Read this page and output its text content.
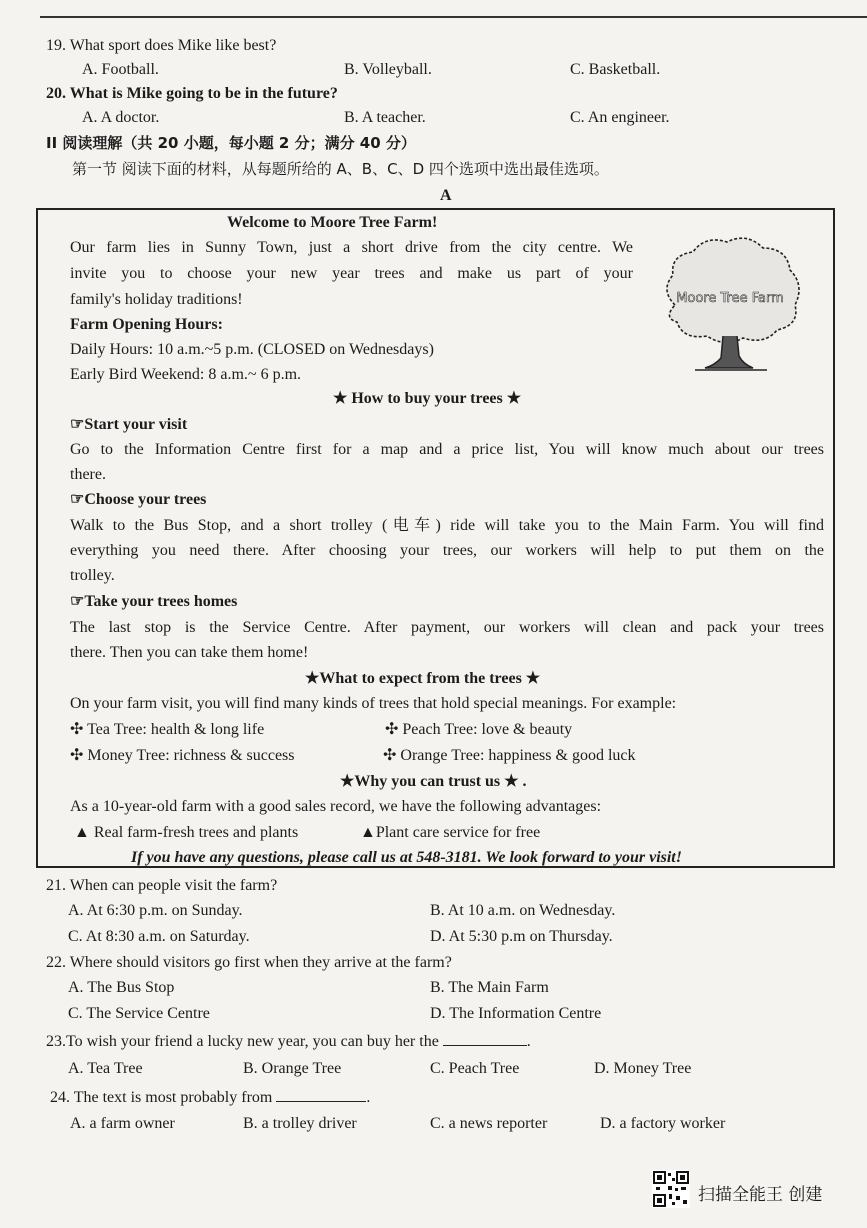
19. What sport does Mike like best?
A. Football.	B. Volleyball.	C. Basketball.
20. What is Mike going to be in the future?
A. A doctor.	B. A teacher.	C. An engineer.
II 阅读理解（共 20 小题，每小题 2 分；满分 40 分）
第一节 阅读下面的材料，从每题所给的 A、B、C、D 四个选项中选出最佳选项。
A
Welcome to Moore Tree Farm!
Our farm lies in Sunny Town, just a short drive from the city centre. We
invite you to choose your new year trees and make us part of your
family's holiday traditions!
Farm Opening Hours:
Daily Hours: 10 a.m.~5 p.m. (CLOSED on Wednesdays)
Early Bird Weekend: 8 a.m.~ 6 p.m.
Moore Tree Farm
★ How to buy your trees ★
☞Start your visit
Go to the Information Centre first for a map and a price list, You will know much about our trees
there.
☞Choose your trees
Walk to the Bus Stop, and a short trolley (电车) ride will take you to the Main Farm. You will find
everything you need there. After choosing your trees, our workers will help to put them on the
trolley.
☞Take your trees homes
The last stop is the Service Centre. After payment, our workers will clean and pack your trees
there. Then you can take them home!
★What to expect from the trees ★
On your farm visit, you will find many kinds of trees that hold special meanings. For example:
✣ Tea Tree: health & long life	✣ Peach Tree: love & beauty
✣ Money Tree: richness & success	✣ Orange Tree: happiness & good luck
★Why you can trust us ★ .
As a 10-year-old farm with a good sales record, we have the following advantages:
▲ Real farm-fresh trees and plants	▲Plant care service for free
If you have any questions, please call us at 548-3181. We look forward to your visit!
21. When can people visit the farm?
A. At 6:30 p.m. on Sunday.	B. At 10 a.m. on Wednesday.
C. At 8:30 a.m. on Saturday.	D. At 5:30 p.m on Thursday.
22. Where should visitors go first when they arrive at the farm?
A. The Bus Stop	B. The Main Farm
C. The Service Centre	D. The Information Centre
23.To wish your friend a lucky new year, you can buy her the	.
A. Tea Tree	B. Orange Tree	C. Peach Tree	D. Money Tree
24. The text is most probably from	.
A. a farm owner	B. a trolley driver	C. a news reporter	D. a factory worker
扫描全能王 创建
